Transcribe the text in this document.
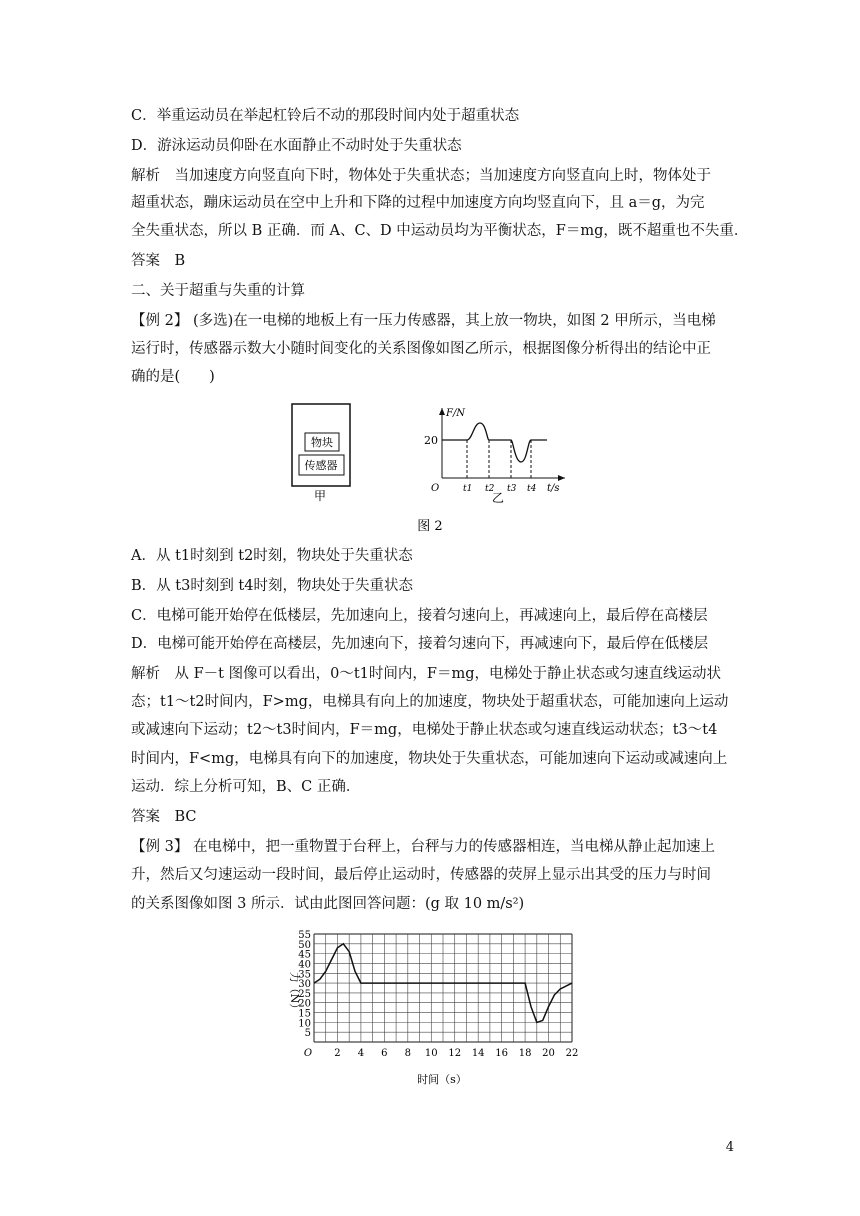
C．举重运动员在举起杠铃后不动的那段时间内处于超重状态
D．游泳运动员仰卧在水面静止不动时处于失重状态
解析　当加速度方向竖直向下时，物体处于失重状态；当加速度方向竖直向上时，物体处于
超重状态，蹦床运动员在空中上升和下降的过程中加速度方向均竖直向下，且 a＝g，为完
全失重状态，所以 B 正确．而 A、C、D 中运动员均为平衡状态，F＝mg，既不超重也不失重．
答案　B
二、关于超重与失重的计算
【例 2】 (多选)在一电梯的地板上有一压力传感器，其上放一物块，如图 2 甲所示，当电梯
运行时，传感器示数大小随时间变化的关系图像如图乙所示，根据图像分析得出的结论中正
确的是(　　)
物块
传感器
甲
F/N
O
20
t1 t2 t3 t4 t/s
乙
图 2
A．从 t1时刻到 t2时刻，物块处于失重状态
B．从 t3时刻到 t4时刻，物块处于失重状态
C．电梯可能开始停在低楼层，先加速向上，接着匀速向上，再减速向上，最后停在高楼层
D．电梯可能开始停在高楼层，先加速向下，接着匀速向下，再减速向下，最后停在低楼层
解析　从 F－t 图像可以看出，0～t1时间内，F＝mg，电梯处于静止状态或匀速直线运动状
态；t1～t2时间内，F>mg，电梯具有向上的加速度，物块处于超重状态，可能加速向上运动
或减速向下运动；t2～t3时间内，F＝mg，电梯处于静止状态或匀速直线运动状态；t3～t4
时间内，F<mg，电梯具有向下的加速度，物块处于失重状态，可能加速向下运动或减速向上
运动．综上分析可知，B、C 正确．
答案　BC
【例 3】 在电梯中，把一重物置于台秤上，台秤与力的传感器相连，当电梯从静止起加速上
升，然后又匀速运动一段时间，最后停止运动时，传感器的荧屏上显示出其受的压力与时间
的关系图像如图 3 所示．试由此图回答问题：(g 取 10 m/s²)
5
10
15
20
25
30
35
40
45
50
55
O 2 4 6 8 10 12 14 16 18 20 22
力（N）
时间（s）
4
